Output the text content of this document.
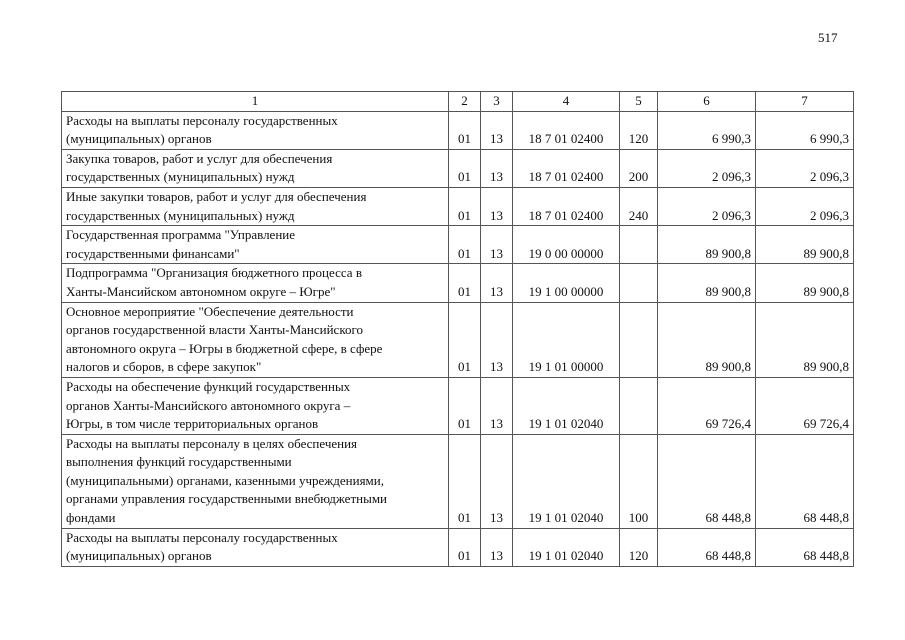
517
1	2	3	4	5	6	7

Расходы на выплаты персоналу государственных
(муниципальных) органов	01	13	18 7 01 02400	120	6 990,3	6 990,3

Закупка товаров, работ и услуг для обеспечения
государственных (муниципальных) нужд	01	13	18 7 01 02400	200	2 096,3	2 096,3

Иные закупки товаров, работ и услуг для обеспечения
государственных (муниципальных) нужд	01	13	18 7 01 02400	240	2 096,3	2 096,3

Государственная программа "Управление
государственными финансами"	01	13	19 0 00 00000		89 900,8	89 900,8

Подпрограмма "Организация бюджетного процесса в
Ханты-Мансийском автономном округе – Югре"	01	13	19 1 00 00000		89 900,8	89 900,8

Основное мероприятие "Обеспечение деятельности
органов государственной власти Ханты-Мансийского
автономного округа – Югры в бюджетной сфере, в сфере
налогов и сборов, в сфере закупок"	01	13	19 1 01 00000		89 900,8	89 900,8

Расходы на обеспечение функций государственных
органов Ханты-Мансийского автономного округа –
Югры, в том числе территориальных органов	01	13	19 1 01 02040		69 726,4	69 726,4

Расходы на выплаты персоналу в целях обеспечения
выполнения функций государственными
(муниципальными) органами, казенными учреждениями,
органами управления государственными внебюджетными
фондами	01	13	19 1 01 02040	100	68 448,8	68 448,8

Расходы на выплаты персоналу государственных
(муниципальных) органов	01	13	19 1 01 02040	120	68 448,8	68 448,8
